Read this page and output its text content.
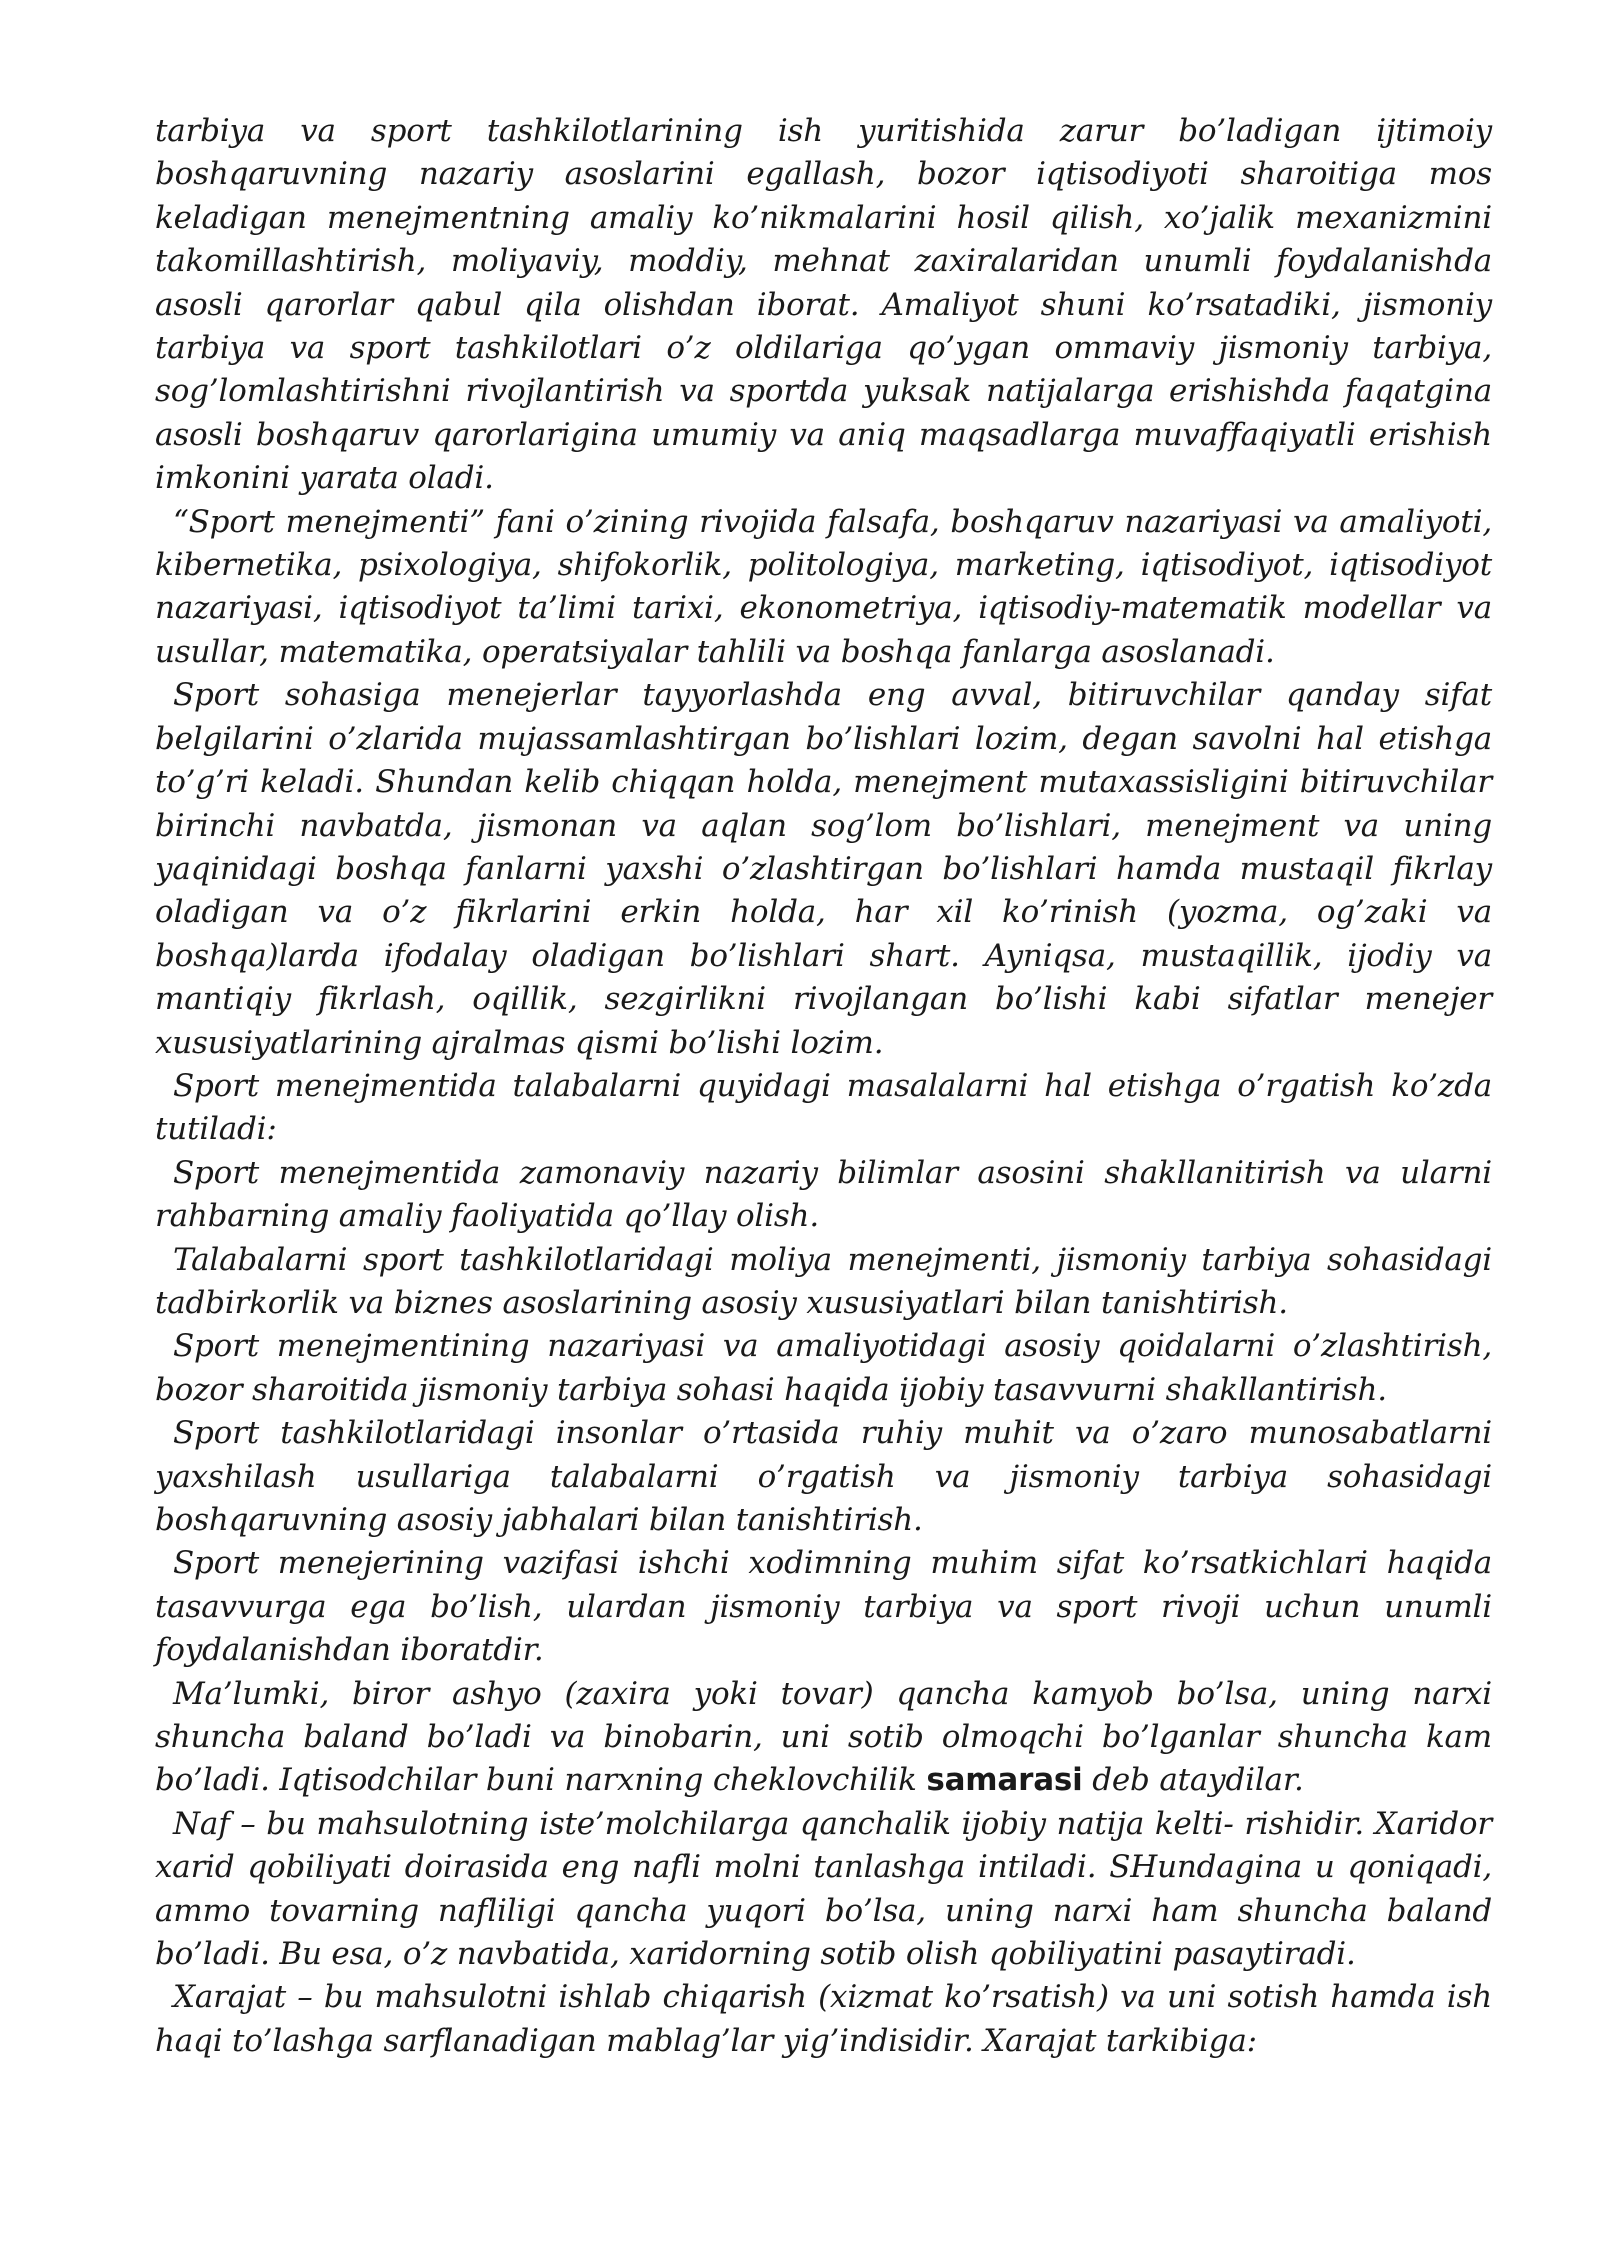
tarbiya va sport tashkilotlarining ish yuritishida zarur bo’ladigan ijtimoiy boshqaruvning nazariy asoslarini egallash, bozor iqtisodiyoti sharoitiga mos keladigan menejmentning amaliy ko’nikmalarini hosil qilish, xo’jalik mexanizmini takomillashtirish, moliyaviy, moddiy, mehnat zaxiralaridan unumli foydalanishda asosli qarorlar qabul qila olishdan iborat. Amaliyot shuni ko’rsatadiki, jismoniy tarbiya va sport tashkilotlari o’z oldilariga qo’ygan ommaviy jismoniy tarbiya, sog’lomlashtirishni rivojlantirish va sportda yuksak natijalarga erishishda faqatgina asosli boshqaruv qarorlarigina umumiy va aniq maqsadlarga muvaffaqiyatli erishish imkonini yarata oladi.

“Sport menejmenti” fani o’zining rivojida falsafa, boshqaruv nazariyasi va amaliyoti, kibernetika, psixologiya, shifokorlik, politologiya, marketing, iqtisodiyot, iqtisodiyot nazariyasi, iqtisodiyot ta’limi tarixi, ekonometriya, iqtisodiy-matematik modellar va usullar, matematika, operatsiyalar tahlili va boshqa fanlarga asoslanadi.

Sport sohasiga menejerlar tayyorlashda eng avval, bitiruvchilar qanday sifat belgilarini o’zlarida mujassamlashtirgan bo’lishlari lozim, degan savolni hal etishga to’g’ri keladi. Shundan kelib chiqqan holda, menejment mutaxassisligini bitiruvchilar birinchi navbatda, jismonan va aqlan sog’lom bo’lishlari, menejment va uning yaqinidagi boshqa fanlarni yaxshi o’zlashtirgan bo’lishlari hamda mustaqil fikrlay oladigan va o’z fikrlarini erkin holda, har xil ko’rinish (yozma, og’zaki va boshqa)larda ifodalay oladigan bo’lishlari shart. Ayniqsa, mustaqillik, ijodiy va mantiqiy fikrlash, oqillik, sezgirlikni rivojlangan bo’lishi kabi sifatlar menejer xususiyatlarining ajralmas qismi bo’lishi lozim.

Sport menejmentida talabalarni quyidagi masalalarni hal etishga o’rgatish ko’zda tutiladi:

Sport menejmentida zamonaviy nazariy bilimlar asosini shakllanitirish va ularni rahbarning amaliy faoliyatida qo’llay olish.

Talabalarni sport tashkilotlaridagi moliya menejmenti, jismoniy tarbiya sohasidagi tadbirkorlik va biznes asoslarining asosiy xususiyatlari bilan tanishtirish.

Sport menejmentining nazariyasi va amaliyotidagi asosiy qoidalarni o’zlashtirish, bozor sharoitida jismoniy tarbiya sohasi haqida ijobiy tasavvurni shakllantirish.

Sport tashkilotlaridagi insonlar o’rtasida ruhiy muhit va o’zaro munosabatlarni yaxshilash usullariga talabalarni o’rgatish va jismoniy tarbiya sohasidagi boshqaruvning asosiy jabhalari bilan tanishtirish.

Sport menejerining vazifasi ishchi xodimning muhim sifat ko’rsatkichlari haqida tasavvurga ega bo’lish, ulardan jismoniy tarbiya va sport rivoji uchun unumli foydalanishdan iboratdir.

Ma’lumki, biror ashyo (zaxira yoki tovar) qancha kamyob bo’lsa, uning narxi shuncha baland bo’ladi va binobarin, uni sotib olmoqchi bo’lganlar shuncha kam bo’ladi. Iqtisodchilar buni narxning cheklovchilik samarasi deb ataydilar.

Naf – bu mahsulotning iste’molchilarga qanchalik ijobiy natija kelti- rishidir. Xaridor xarid qobiliyati doirasida eng nafli molni tanlashga intiladi. SHundagina u qoniqadi, ammo tovarning nafliligi qancha yuqori bo’lsa, uning narxi ham shuncha baland bo’ladi. Bu esa, o’z navbatida, xaridorning sotib olish qobiliyatini pasaytiradi.

Xarajat – bu mahsulotni ishlab chiqarish (xizmat ko’rsatish) va uni sotish hamda ish haqi to’lashga sarflanadigan mablag’lar yig’indisidir. Xarajat tarkibiga:
